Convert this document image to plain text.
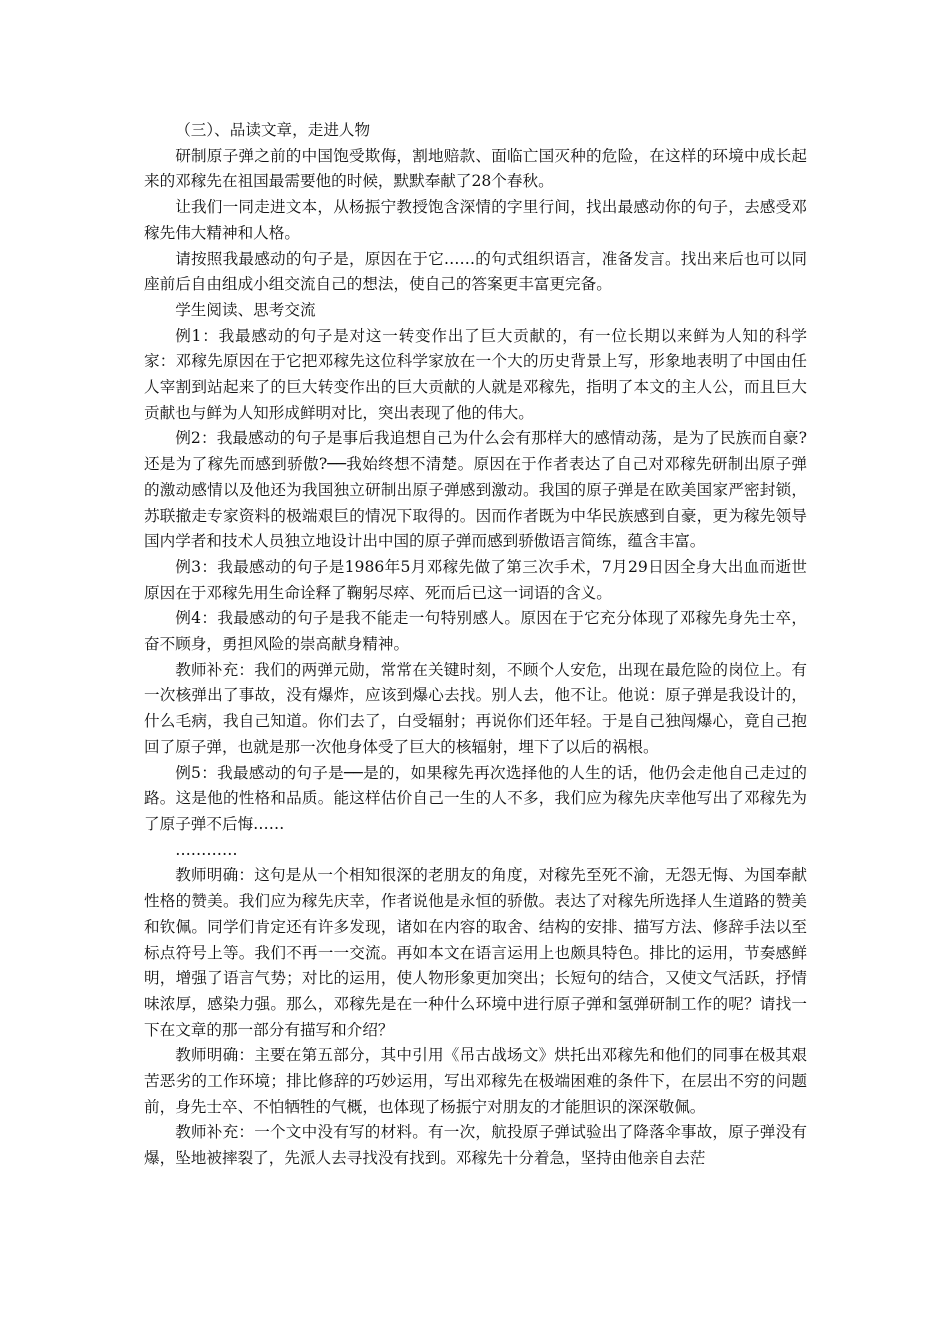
（三）、品读文章，走进人物

研制原子弹之前的中国饱受欺侮，割地赔款、面临亡国灭种的危险，在这样的环境中成长起来的邓稼先在祖国最需要他的时候，默默奉献了28个春秋。

让我们一同走进文本，从杨振宁教授饱含深情的字里行间，找出最感动你的句子，去感受邓稼先伟大精神和人格。

请按照我最感动的句子是，原因在于它……的句式组织语言，准备发言。找出来后也可以同座前后自由组成小组交流自己的想法，使自己的答案更丰富更完备。

学生阅读、思考交流

例1：我最感动的句子是对这一转变作出了巨大贡献的，有一位长期以来鲜为人知的科学家：邓稼先原因在于它把邓稼先这位科学家放在一个大的历史背景上写，形象地表明了中国由任人宰割到站起来了的巨大转变作出的巨大贡献的人就是邓稼先，指明了本文的主人公，而且巨大贡献也与鲜为人知形成鲜明对比，突出表现了他的伟大。

例2：我最感动的句子是事后我追想自己为什么会有那样大的感情动荡，是为了民族而自豪?还是为了稼先而感到骄傲?──我始终想不清楚。原因在于作者表达了自己对邓稼先研制出原子弹的激动感情以及他还为我国独立研制出原子弹感到激动。我国的原子弹是在欧美国家严密封锁，苏联撤走专家资料的极端艰巨的情况下取得的。因而作者既为中华民族感到自豪，更为稼先领导国内学者和技术人员独立地设计出中国的原子弹而感到骄傲语言简练，蕴含丰富。

例3：我最感动的句子是1986年5月邓稼先做了第三次手术，7月29日因全身大出血而逝世原因在于邓稼先用生命诠释了鞠躬尽瘁、死而后已这一词语的含义。

例4：我最感动的句子是我不能走一句特别感人。原因在于它充分体现了邓稼先身先士卒，奋不顾身，勇担风险的崇高献身精神。

教师补充：我们的两弹元勋，常常在关键时刻，不顾个人安危，出现在最危险的岗位上。有一次核弹出了事故，没有爆炸，应该到爆心去找。别人去，他不让。他说：原子弹是我设计的，什么毛病，我自己知道。你们去了，白受辐射；再说你们还年轻。于是自己独闯爆心，竟自己抱回了原子弹，也就是那一次他身体受了巨大的核辐射，埋下了以后的祸根。

例5：我最感动的句子是──是的，如果稼先再次选择他的人生的话，他仍会走他自己走过的路。这是他的性格和品质。能这样估价自己一生的人不多，我们应为稼先庆幸他写出了邓稼先为了原子弹不后悔……

…………

教师明确：这句是从一个相知很深的老朋友的角度，对稼先至死不渝，无怨无悔、为国奉献性格的赞美。我们应为稼先庆幸，作者说他是永恒的骄傲。表达了对稼先所选择人生道路的赞美和钦佩。同学们肯定还有许多发现，诸如在内容的取舍、结构的安排、描写方法、修辞手法以至标点符号上等。我们不再一一交流。再如本文在语言运用上也颇具特色。排比的运用，节奏感鲜明，增强了语言气势；对比的运用，使人物形象更加突出；长短句的结合，又使文气活跃，抒情味浓厚，感染力强。那么，邓稼先是在一种什么环境中进行原子弹和氢弹研制工作的呢？请找一下在文章的那一部分有描写和介绍？

教师明确：主要在第五部分，其中引用《吊古战场文》烘托出邓稼先和他们的同事在极其艰苦恶劣的工作环境；排比修辞的巧妙运用，写出邓稼先在极端困难的条件下，在层出不穷的问题前，身先士卒、不怕牺牲的气概，也体现了杨振宁对朋友的才能胆识的深深敬佩。

教师补充：一个文中没有写的材料。有一次，航投原子弹试验出了降落伞事故，原子弹没有爆，坠地被摔裂了，先派人去寻找没有找到。邓稼先十分着急，坚持由他亲自去茫
